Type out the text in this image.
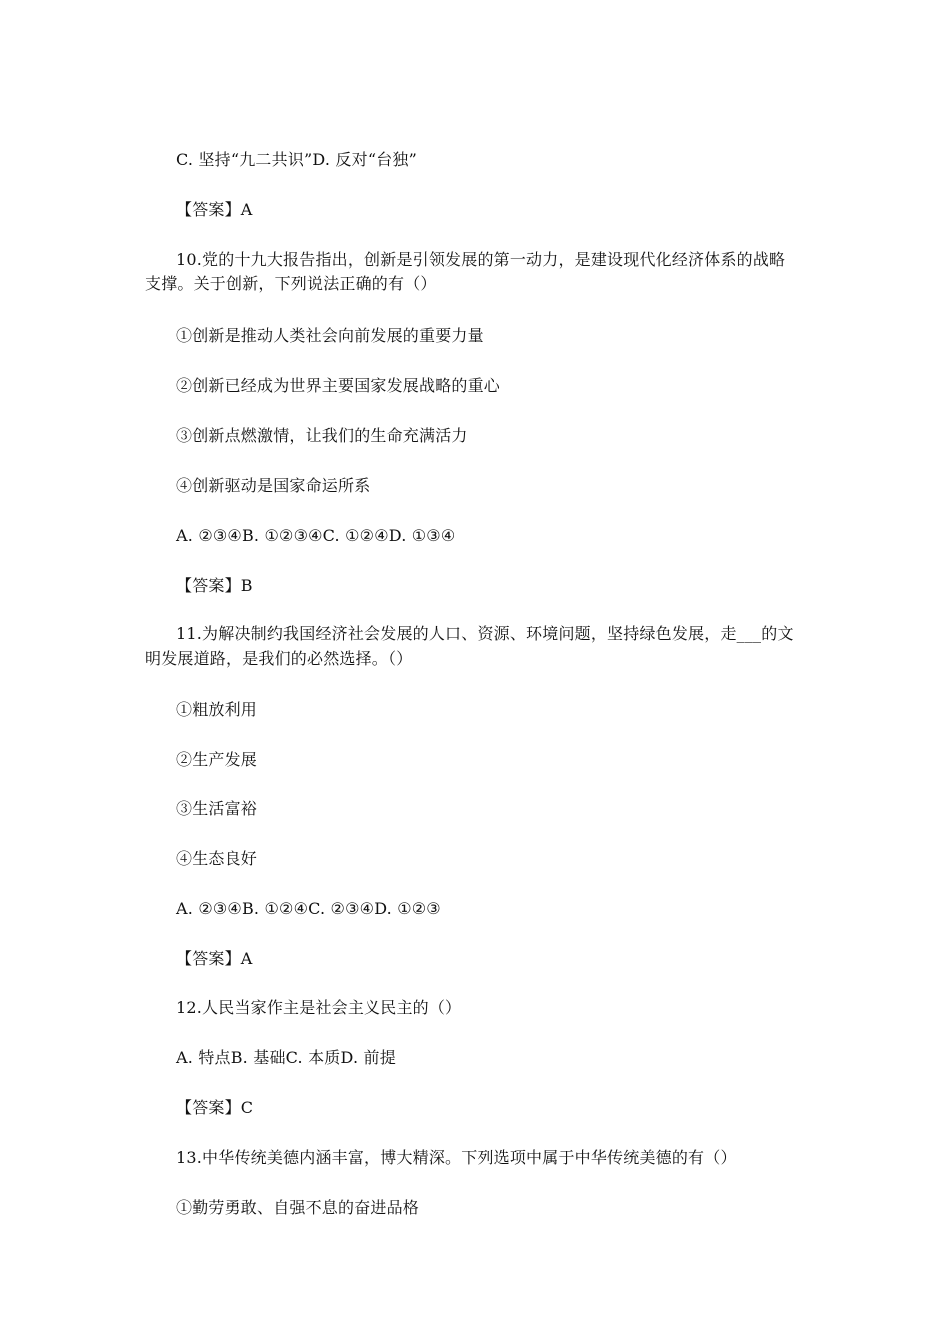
C. 坚持“九二共识”D. 反对“台独”
【答案】A
10.党的十九大报告指出，创新是引领发展的第一动力，是建设现代化经济体系的战略
支撑。关于创新，下列说法正确的有（）
①创新是推动人类社会向前发展的重要力量
②创新已经成为世界主要国家发展战略的重心
③创新点燃激情，让我们的生命充满活力
④创新驱动是国家命运所系
A. ②③④B. ①②③④C. ①②④D. ①③④
【答案】B
11.为解决制约我国经济社会发展的人口、资源、环境问题，坚持绿色发展，走___的文
明发展道路，是我们的必然选择。（）
①粗放利用
②生产发展
③生活富裕
④生态良好
A. ②③④B. ①②④C. ②③④D. ①②③
【答案】A
12.人民当家作主是社会主义民主的（）
A. 特点B. 基础C. 本质D. 前提
【答案】C
13.中华传统美德内涵丰富，博大精深。下列选项中属于中华传统美德的有（）
①勤劳勇敢、自强不息的奋进品格
